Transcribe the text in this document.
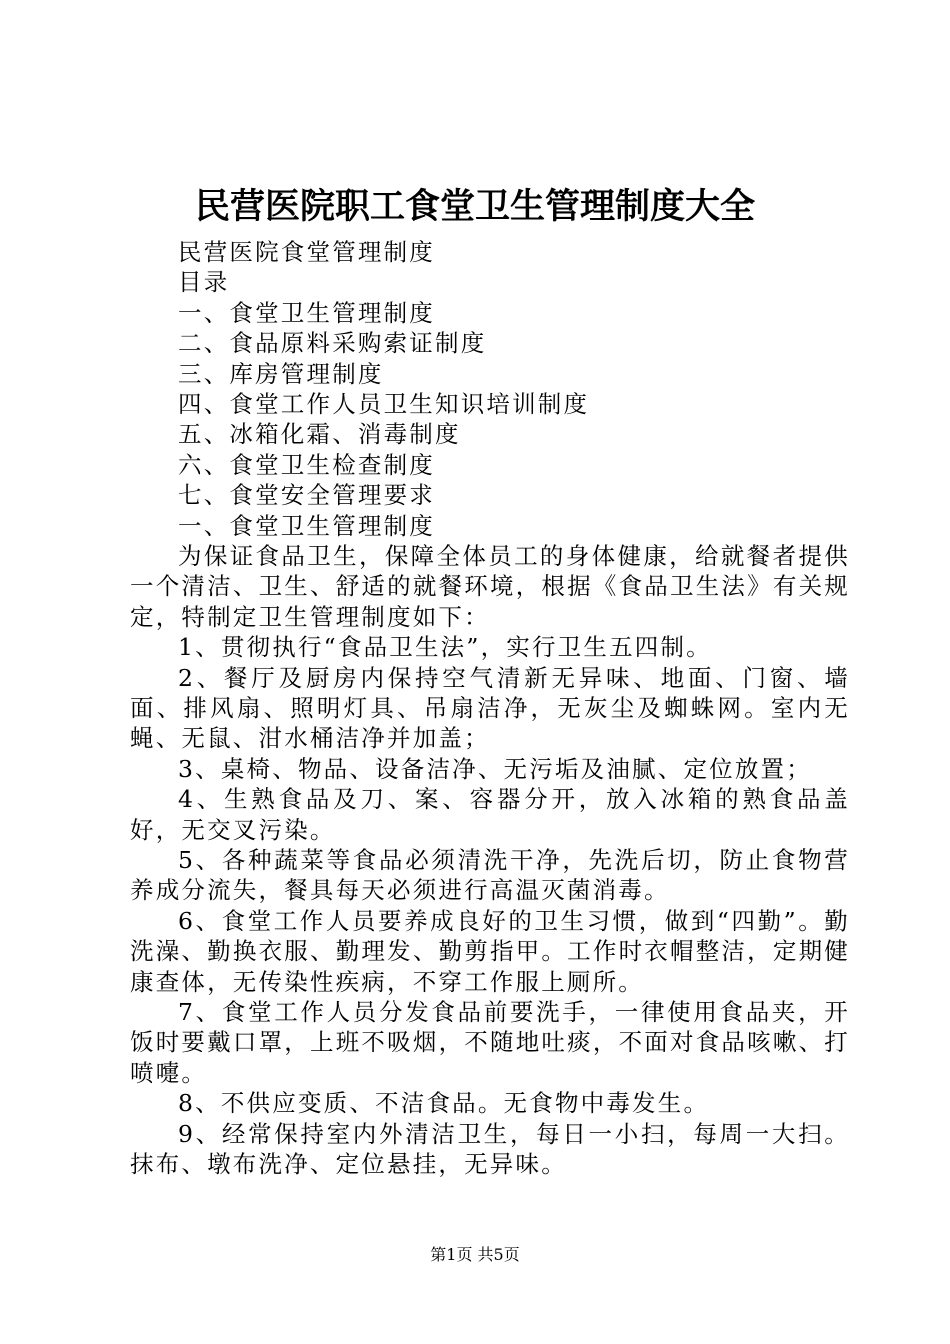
民营医院职工食堂卫生管理制度大全
民营医院食堂管理制度
目录
一、食堂卫生管理制度
二、食品原料采购索证制度
三、库房管理制度
四、食堂工作人员卫生知识培训制度
五、冰箱化霜、消毒制度
六、食堂卫生检查制度
七、食堂安全管理要求
一、食堂卫生管理制度

为保证食品卫生，保障全体员工的身体健康，给就餐者提供一个清洁、卫生、舒适的就餐环境，根据《食品卫生法》有关规定，特制定卫生管理制度如下：

1、贯彻执行“食品卫生法”，实行卫生五四制。

2、餐厅及厨房内保持空气清新无异味、地面、门窗、墙面、排风扇、照明灯具、吊扇洁净，无灰尘及蜘蛛网。室内无蝇、无鼠、泔水桶洁净并加盖；

3、桌椅、物品、设备洁净、无污垢及油腻、定位放置；

4、生熟食品及刀、案、容器分开，放入冰箱的熟食品盖好，无交叉污染。

5、各种蔬菜等食品必须清洗干净，先洗后切，防止食物营养成分流失，餐具每天必须进行高温灭菌消毒。

6、食堂工作人员要养成良好的卫生习惯，做到“四勤”。勤洗澡、勤换衣服、勤理发、勤剪指甲。工作时衣帽整洁，定期健康查体，无传染性疾病，不穿工作服上厕所。

7、食堂工作人员分发食品前要洗手，一律使用食品夹，开饭时要戴口罩，上班不吸烟，不随地吐痰，不面对食品咳嗽、打喷嚏。

8、不供应变质、不洁食品。无食物中毒发生。

9、经常保持室内外清洁卫生，每日一小扫，每周一大扫。抹布、墩布洗净、定位悬挂，无异味。

第1页 共5页
